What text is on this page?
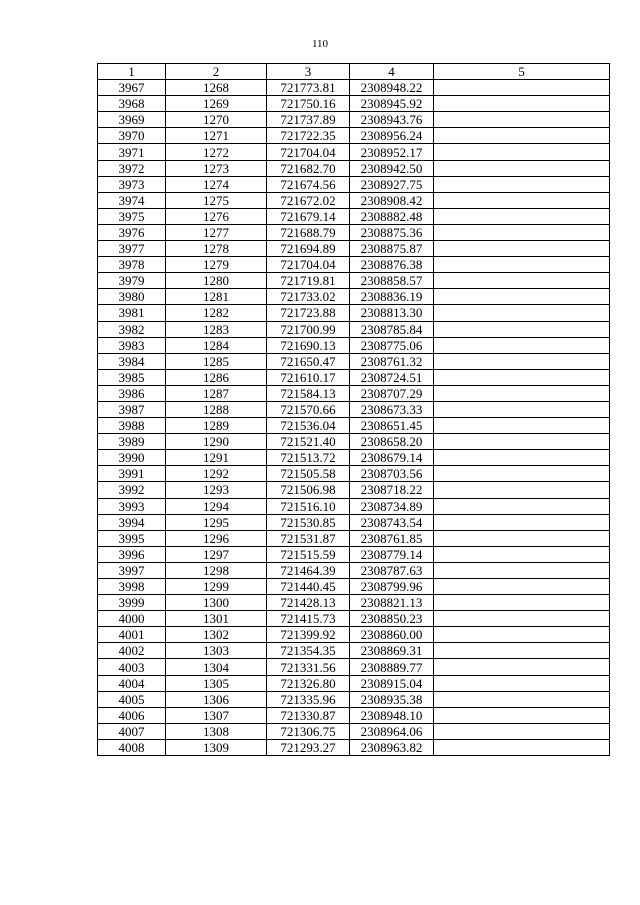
110
1	2	3	4	5
3967	1268	721773.81	2308948.22	
3968	1269	721750.16	2308945.92	
3969	1270	721737.89	2308943.76	
3970	1271	721722.35	2308956.24	
3971	1272	721704.04	2308952.17	
3972	1273	721682.70	2308942.50	
3973	1274	721674.56	2308927.75	
3974	1275	721672.02	2308908.42	
3975	1276	721679.14	2308882.48	
3976	1277	721688.79	2308875.36	
3977	1278	721694.89	2308875.87	
3978	1279	721704.04	2308876.38	
3979	1280	721719.81	2308858.57	
3980	1281	721733.02	2308836.19	
3981	1282	721723.88	2308813.30	
3982	1283	721700.99	2308785.84	
3983	1284	721690.13	2308775.06	
3984	1285	721650.47	2308761.32	
3985	1286	721610.17	2308724.51	
3986	1287	721584.13	2308707.29	
3987	1288	721570.66	2308673.33	
3988	1289	721536.04	2308651.45	
3989	1290	721521.40	2308658.20	
3990	1291	721513.72	2308679.14	
3991	1292	721505.58	2308703.56	
3992	1293	721506.98	2308718.22	
3993	1294	721516.10	2308734.89	
3994	1295	721530.85	2308743.54	
3995	1296	721531.87	2308761.85	
3996	1297	721515.59	2308779.14	
3997	1298	721464.39	2308787.63	
3998	1299	721440.45	2308799.96	
3999	1300	721428.13	2308821.13	
4000	1301	721415.73	2308850.23	
4001	1302	721399.92	2308860.00	
4002	1303	721354.35	2308869.31	
4003	1304	721331.56	2308889.77	
4004	1305	721326.80	2308915.04	
4005	1306	721335.96	2308935.38	
4006	1307	721330.87	2308948.10	
4007	1308	721306.75	2308964.06	
4008	1309	721293.27	2308963.82	
